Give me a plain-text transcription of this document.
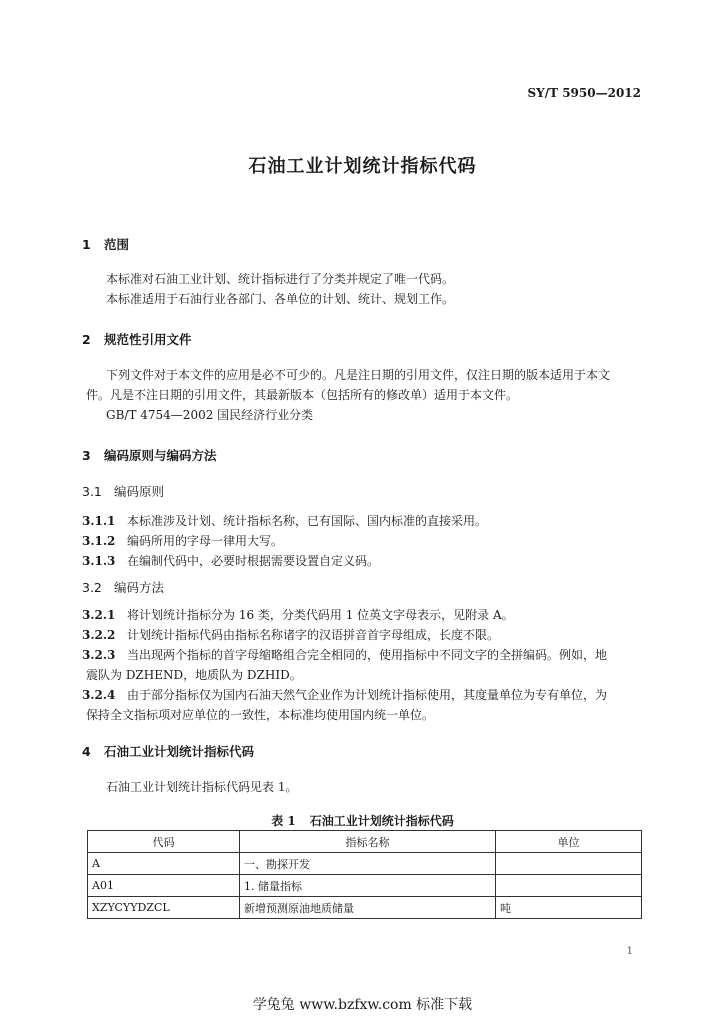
SY/T 5950—2012
石油工业计划统计指标代码
1 范围
本标准对石油工业计划、统计指标进行了分类并规定了唯一代码。
本标准适用于石油行业各部门、各单位的计划、统计、规划工作。
2 规范性引用文件
下列文件对于本文件的应用是必不可少的。凡是注日期的引用文件，仅注日期的版本适用于本文
件。凡是不注日期的引用文件，其最新版本（包括所有的修改单）适用于本文件。
GB/T 4754—2002 国民经济行业分类
3 编码原则与编码方法
3.1 编码原则
3.1.1 本标准涉及计划、统计指标名称，已有国际、国内标准的直接采用。
3.1.2 编码所用的字母一律用大写。
3.1.3 在编制代码中，必要时根据需要设置自定义码。
3.2 编码方法
3.2.1 将计划统计指标分为 16 类，分类代码用 1 位英文字母表示，见附录 A。
3.2.2 计划统计指标代码由指标名称诸字的汉语拼音首字母组成，长度不限。
3.2.3 当出现两个指标的首字母缩略组合完全相同的，使用指标中不同文字的全拼编码。例如，地
震队为 DZHEND，地质队为 DZHID。
3.2.4 由于部分指标仅为国内石油天然气企业作为计划统计指标使用，其度量单位为专有单位，为
保持全文指标项对应单位的一致性，本标准均使用国内统一单位。
4 石油工业计划统计指标代码
石油工业计划统计指标代码见表 1。
表 1 石油工业计划统计指标代码
代码	指标名称	单位
A	一、勘探开发	
A01	1. 储量指标	
XZYCYYDZCL	新增预测原油地质储量	吨
1
学兔兔 www.bzfxw.com 标准下载
